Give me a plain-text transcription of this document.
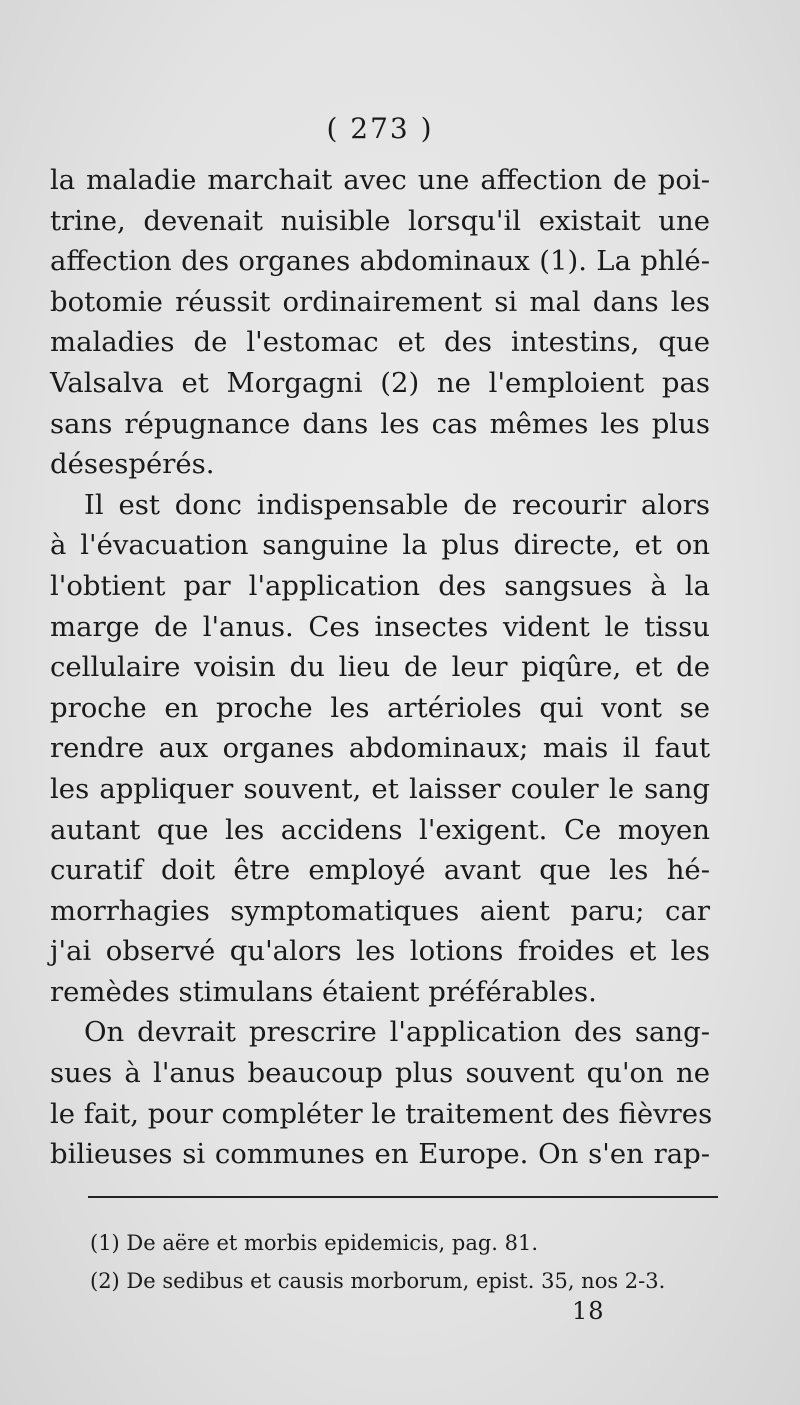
( 273 )
la maladie marchait avec une affection de poi-
trine, devenait nuisible lorsqu'il existait une
affection des organes abdominaux (1). La phlé-
botomie réussit ordinairement si mal dans les
maladies de l'estomac et des intestins, que
Valsalva et Morgagni (2) ne l'emploient pas
sans répugnance dans les cas mêmes les plus
désespérés.
Il est donc indispensable de recourir alors
à l'évacuation sanguine la plus directe, et on
l'obtient par l'application des sangsues à la
marge de l'anus. Ces insectes vident le tissu
cellulaire voisin du lieu de leur piqûre, et de
proche en proche les artérioles qui vont se
rendre aux organes abdominaux; mais il faut
les appliquer souvent, et laisser couler le sang
autant que les accidens l'exigent. Ce moyen
curatif doit être employé avant que les hé-
morrhagies symptomatiques aient paru; car
j'ai observé qu'alors les lotions froides et les
remèdes stimulans étaient préférables.
On devrait prescrire l'application des sang-
sues à l'anus beaucoup plus souvent qu'on ne
le fait, pour compléter le traitement des fièvres
bilieuses si communes en Europe. On s'en rap-
(1) De aëre et morbis epidemicis, pag. 81.
(2) De sedibus et causis morborum, epist. 35, nos 2-3.
18
